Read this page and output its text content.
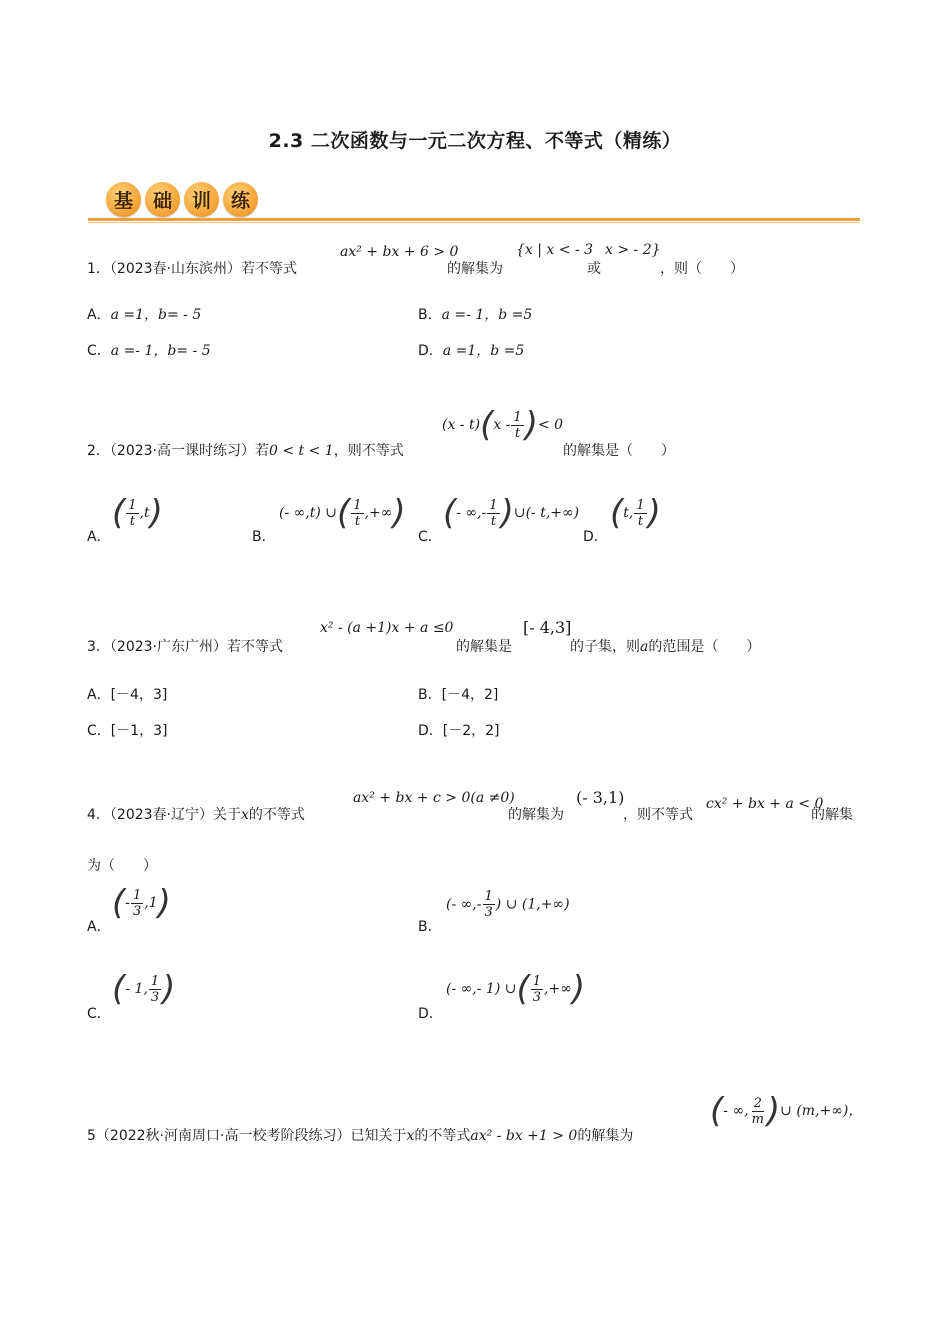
2.3 二次函数与一元二次方程、不等式（精练）
基	础	训	练
1．（2023春·山东滨州）若不等式
ax² + bx + 6 > 0
的解集为
{x | x < - 3
或
x > - 2}
，则（　　）
A．a =1，b= - 5	B．a =- 1，b =5
C．a =- 1，b= - 5	D．a =1，b =5
2．（2023·高一课时练习）若0 < t < 1，则不等式
$(x - t)(x - \frac{1}{t}$ )< 0
的解集是（　　）
A．
( $\frac{1}{t} ,t$)
B．
(- ∞,t) ∪( $\frac{1}{t}$ ,+∞)
C．
(- ∞,- $\frac{1}{t}$ )∪(- t,+∞)
D．
(t, $\frac{1}{t}$ )
3．（2023·广东广州）若不等式
x² - (a +1)x + a ≤0
的解集是
[- 4,3]
的子集，则a的范围是（　　）
A．[－4，3]	B．[－4，2]
C．[－1，3]	D．[－2，2]
4．（2023春·辽宁）关于x的不等式
ax² + bx + c > 0(a ≠0)
的解集为
(- 3,1)
，则不等式
cx² + bx + a < 0
的解集
为（　　）
A．
(- $\frac{1}{3} ,1$)
B．
(- ∞,- $\frac{1}{3}$ ) ∪ (1,+∞)
C．
(- 1, $\frac{1}{3}$ )
D．
(- ∞,- 1) ∪( $\frac{1}{3}$ ,+∞)
5（2022秋·河南周口·高一校考阶段练习）已知关于x的不等式ax² - bx +1 > 0的解集为
(- ∞, $\frac{2}{m}$ )∪ (m,+∞)，
